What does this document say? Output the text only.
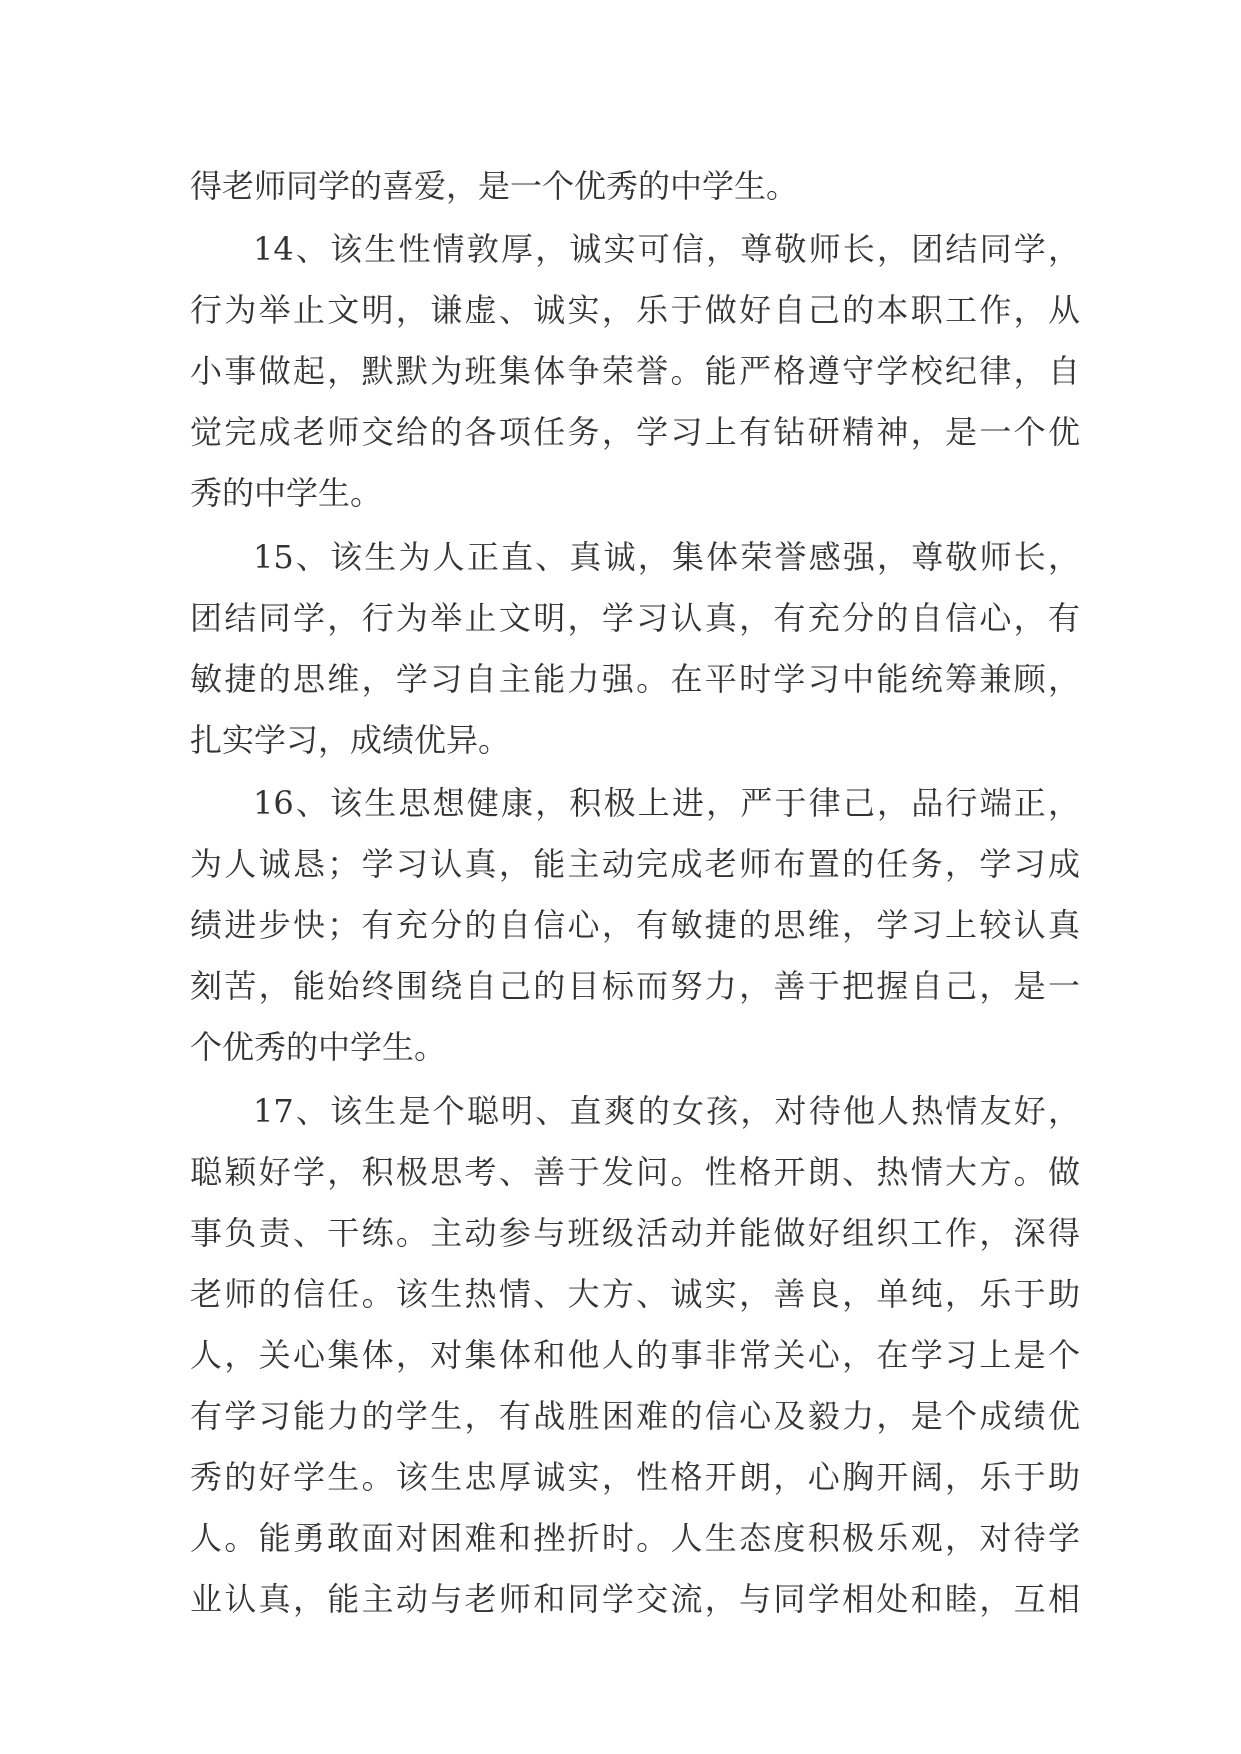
得老师同学的喜爱，是一个优秀的中学生。
14、该生性情敦厚，诚实可信，尊敬师长，团结同学，
行为举止文明，谦虚、诚实，乐于做好自己的本职工作，从
小事做起，默默为班集体争荣誉。能严格遵守学校纪律，自
觉完成老师交给的各项任务，学习上有钻研精神，是一个优
秀的中学生。
15、该生为人正直、真诚，集体荣誉感强，尊敬师长，
团结同学，行为举止文明，学习认真，有充分的自信心，有
敏捷的思维，学习自主能力强。在平时学习中能统筹兼顾，
扎实学习，成绩优异。
16、该生思想健康，积极上进，严于律己，品行端正，
为人诚恳；学习认真，能主动完成老师布置的任务，学习成
绩进步快；有充分的自信心，有敏捷的思维，学习上较认真
刻苦，能始终围绕自己的目标而努力，善于把握自己，是一
个优秀的中学生。
17、该生是个聪明、直爽的女孩，对待他人热情友好，
聪颖好学，积极思考、善于发问。性格开朗、热情大方。做
事负责、干练。主动参与班级活动并能做好组织工作，深得
老师的信任。该生热情、大方、诚实，善良，单纯，乐于助
人，关心集体，对集体和他人的事非常关心，在学习上是个
有学习能力的学生，有战胜困难的信心及毅力，是个成绩优
秀的好学生。该生忠厚诚实，性格开朗，心胸开阔，乐于助
人。能勇敢面对困难和挫折时。人生态度积极乐观，对待学
业认真，能主动与老师和同学交流，与同学相处和睦，互相
